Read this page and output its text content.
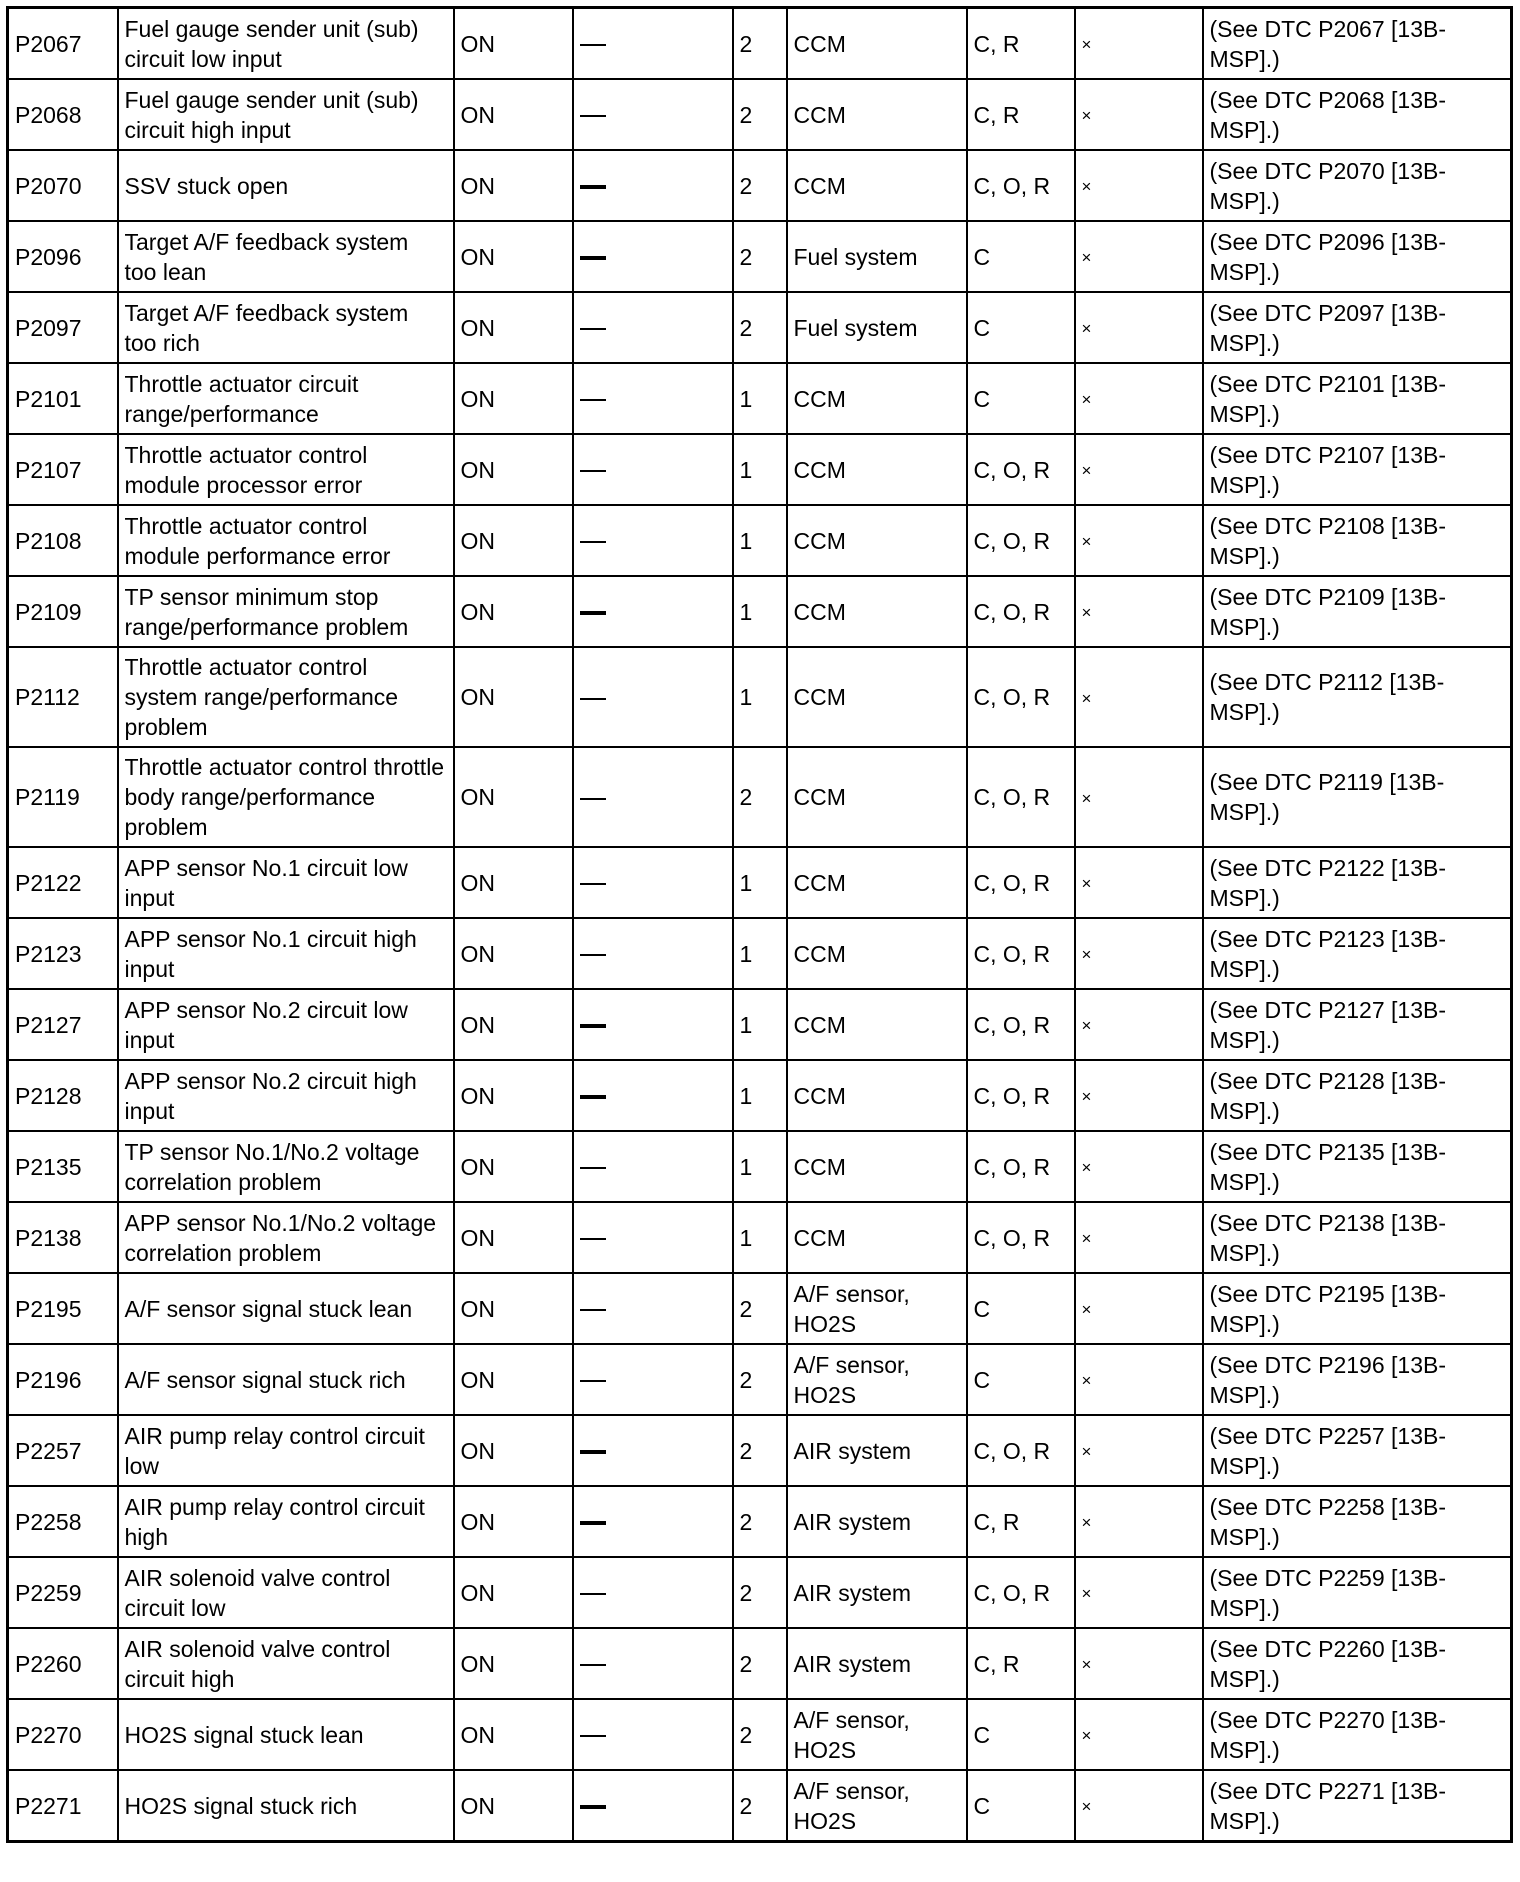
P2067	Fuel gauge sender unit (sub) circuit low input	ON		2	CCM	C, R	×	(See DTC P2067 [13B-MSP].)
P2068	Fuel gauge sender unit (sub) circuit high input	ON		2	CCM	C, R	×	(See DTC P2068 [13B-MSP].)
P2070	SSV stuck open	ON		2	CCM	C, O, R	×	(See DTC P2070 [13B-MSP].)
P2096	Target A/F feedback system too lean	ON		2	Fuel system	C	×	(See DTC P2096 [13B-MSP].)
P2097	Target A/F feedback system too rich	ON		2	Fuel system	C	×	(See DTC P2097 [13B-MSP].)
P2101	Throttle actuator circuit range/performance	ON		1	CCM	C	×	(See DTC P2101 [13B-MSP].)
P2107	Throttle actuator control module processor error	ON		1	CCM	C, O, R	×	(See DTC P2107 [13B-MSP].)
P2108	Throttle actuator control module performance error	ON		1	CCM	C, O, R	×	(See DTC P2108 [13B-MSP].)
P2109	TP sensor minimum stop range/performance problem	ON		1	CCM	C, O, R	×	(See DTC P2109 [13B-MSP].)
P2112	Throttle actuator control system range/performance problem	ON		1	CCM	C, O, R	×	(See DTC P2112 [13B-MSP].)
P2119	Throttle actuator control throttle body range/performance problem	ON		2	CCM	C, O, R	×	(See DTC P2119 [13B-MSP].)
P2122	APP sensor No.1 circuit low input	ON		1	CCM	C, O, R	×	(See DTC P2122 [13B-MSP].)
P2123	APP sensor No.1 circuit high input	ON		1	CCM	C, O, R	×	(See DTC P2123 [13B-MSP].)
P2127	APP sensor No.2 circuit low input	ON		1	CCM	C, O, R	×	(See DTC P2127 [13B-MSP].)
P2128	APP sensor No.2 circuit high input	ON		1	CCM	C, O, R	×	(See DTC P2128 [13B-MSP].)
P2135	TP sensor No.1/No.2 voltage correlation problem	ON		1	CCM	C, O, R	×	(See DTC P2135 [13B-MSP].)
P2138	APP sensor No.1/No.2 voltage correlation problem	ON		1	CCM	C, O, R	×	(See DTC P2138 [13B-MSP].)
P2195	A/F sensor signal stuck lean	ON		2	A/F sensor, HO2S	C	×	(See DTC P2195 [13B-MSP].)
P2196	A/F sensor signal stuck rich	ON		2	A/F sensor, HO2S	C	×	(See DTC P2196 [13B-MSP].)
P2257	AIR pump relay control circuit low	ON		2	AIR system	C, O, R	×	(See DTC P2257 [13B-MSP].)
P2258	AIR pump relay control circuit high	ON		2	AIR system	C, R	×	(See DTC P2258 [13B-MSP].)
P2259	AIR solenoid valve control circuit low	ON		2	AIR system	C, O, R	×	(See DTC P2259 [13B-MSP].)
P2260	AIR solenoid valve control circuit high	ON		2	AIR system	C, R	×	(See DTC P2260 [13B-MSP].)
P2270	HO2S signal stuck lean	ON		2	A/F sensor, HO2S	C	×	(See DTC P2270 [13B-MSP].)
P2271	HO2S signal stuck rich	ON		2	A/F sensor, HO2S	C	×	(See DTC P2271 [13B-MSP].)
